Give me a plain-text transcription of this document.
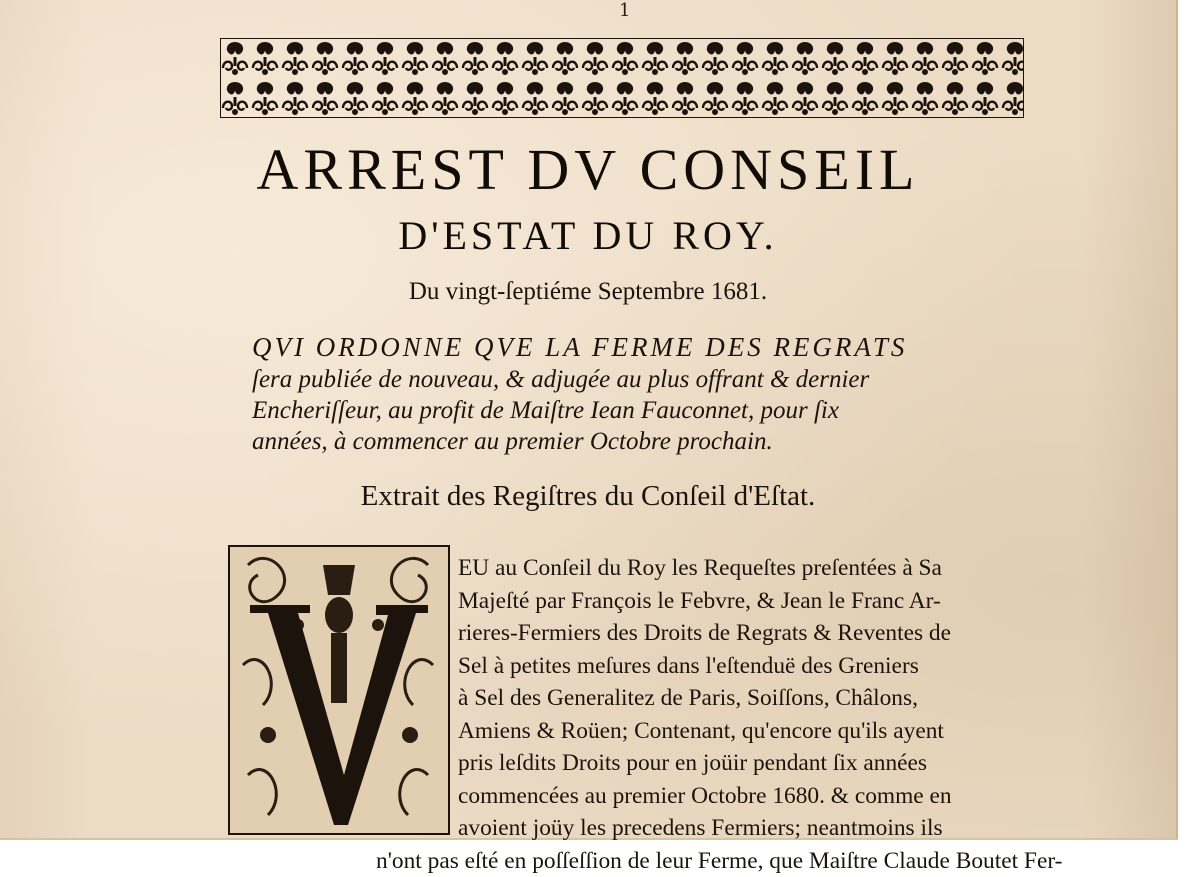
1
ARREST DV CONSEIL
D'ESTAT DU ROY.
Du vingt-ſeptiéme Septembre 1681.
QVI ORDONNE QVE LA FERME DES REGRATS
ſera publiée de nouveau, & adjugée au plus offrant & dernier
Encheriſſeur, au profit de Maiſtre Iean Fauconnet, pour ſix
années, à commencer au premier Octobre prochain.
Extrait des Regiſtres du Conſeil d'Eſtat.
EU au Conſeil du Roy les Requeſtes preſentées à Sa
Majeſté par François le Febvre, & Jean le Franc Ar-
rieres-Fermiers des Droits de Regrats & Reventes de
Sel à petites meſures dans l'eſtenduë des Greniers
à Sel des Generalitez de Paris, Soiſſons, Châlons,
Amiens & Roüen; Contenant, qu'encore qu'ils ayent
pris leſdits Droits pour en joüir pendant ſix années
commencées au premier Octobre 1680. & comme en
avoient joüy les precedens Fermiers; neantmoins ils
n'ont pas eſté en poſſeſſion de leur Ferme, que Maiſtre Claude Boutet Fer-
